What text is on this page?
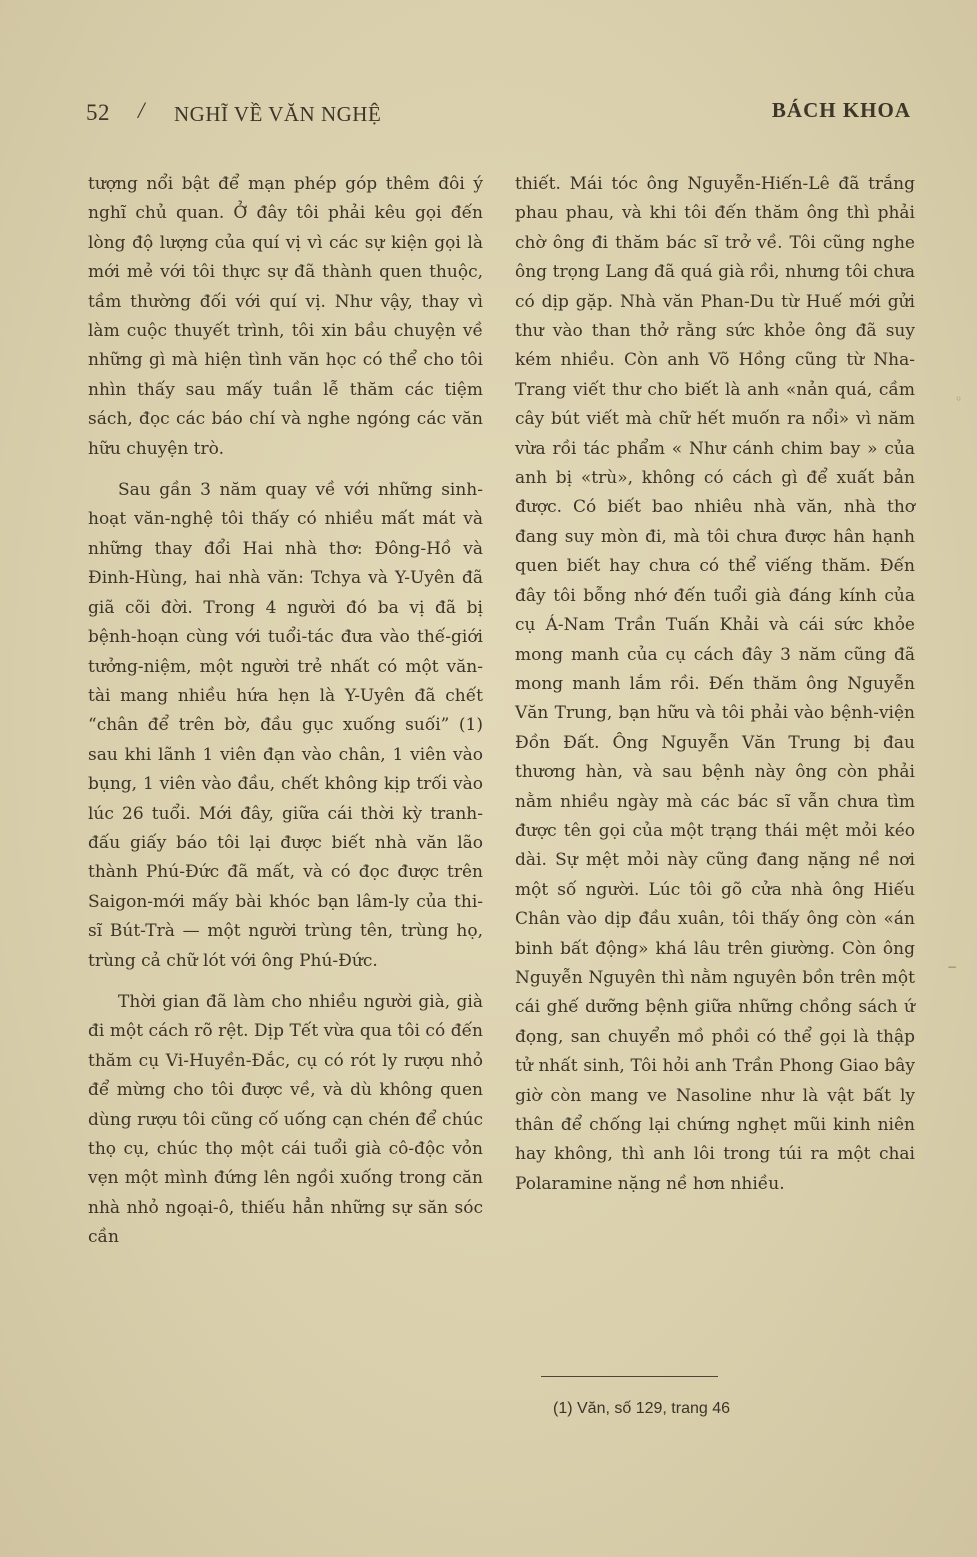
52 / NGHĨ VỀ VĂN NGHỆ	BÁCH KHOA

tượng nổi bật để mạn phép góp thêm đôi ý nghĩ chủ quan. Ở đây tôi phải kêu gọi đến lòng độ lượng của quí vị vì các sự kiện gọi là mới mẻ với tôi thực sự đã thành quen thuộc, tầm thường đối với quí vị. Như vậy, thay vì làm cuộc thuyết trình, tôi xin bầu chuyện về những gì mà hiện tình văn học có thể cho tôi nhìn thấy sau mấy tuần lễ thăm các tiệm sách, đọc các báo chí và nghe ngóng các văn hữu chuyện trò.

Sau gần 3 năm quay về với những sinh-hoạt văn-nghệ tôi thấy có nhiều mất mát và những thay đổi Hai nhà thơ: Đông-Hồ và Đinh-Hùng, hai nhà văn: Tchya và Y-Uyên đã giã cõi đời. Trong 4 người đó ba vị đã bị bệnh-hoạn cùng với tuổi-tác đưa vào thế-giới tưởng-niệm, một người trẻ nhất có một văn-tài mang nhiều hứa hẹn là Y-Uyên đã chết “chân để trên bờ, đầu gục xuống suối” (1) sau khi lãnh 1 viên đạn vào chân, 1 viên vào bụng, 1 viên vào đầu, chết không kịp trối vào lúc 26 tuổi. Mới đây, giữa cái thời kỳ tranh-đấu giấy báo tôi lại được biết nhà văn lão thành Phú-Đức đã mất, và có đọc được trên Saigon-mới mấy bài khóc bạn lâm-ly của thi-sĩ Bút-Trà — một người trùng tên, trùng họ, trùng cả chữ lót với ông Phú-Đức.

Thời gian đã làm cho nhiều người già, già đi một cách rõ rệt. Dịp Tết vừa qua tôi có đến thăm cụ Vi-Huyền-Đắc, cụ có rót ly rượu nhỏ để mừng cho tôi được về, và dù không quen dùng rượu tôi cũng cố uống cạn chén để chúc thọ cụ, chúc thọ một cái tuổi già cô-độc vỏn vẹn một mình đứng lên ngồi xuống trong căn nhà nhỏ ngoại-ô, thiếu hẳn những sự săn sóc cần

thiết. Mái tóc ông Nguyễn-Hiến-Lê đã trắng phau phau, và khi tôi đến thăm ông thì phải chờ ông đi thăm bác sĩ trở về. Tôi cũng nghe ông trọng Lang đã quá già rồi, nhưng tôi chưa có dịp gặp. Nhà văn Phan-Du từ Huế mới gửi thư vào than thở rằng sức khỏe ông đã suy kém nhiều. Còn anh Võ Hồng cũng từ Nha-Trang viết thư cho biết là anh «nản quá, cầm cây bút viết mà chữ hết muốn ra nổi» vì năm vừa rồi tác phẩm « Như cánh chim bay » của anh bị «trù», không có cách gì để xuất bản được. Có biết bao nhiêu nhà văn, nhà thơ đang suy mòn đi, mà tôi chưa được hân hạnh quen biết hay chưa có thể viếng thăm. Đến đây tôi bỗng nhớ đến tuổi già đáng kính của cụ Á-Nam Trần Tuấn Khải và cái sức khỏe mong manh của cụ cách đây 3 năm cũng đã mong manh lắm rồi. Đến thăm ông Nguyễn Văn Trung, bạn hữu và tôi phải vào bệnh-viện Đồn Đất. Ông Nguyễn Văn Trung bị đau thương hàn, và sau bệnh này ông còn phải nằm nhiều ngày mà các bác sĩ vẫn chưa tìm được tên gọi của một trạng thái mệt mỏi kéo dài. Sự mệt mỏi này cũng đang nặng nề nơi một số người. Lúc tôi gõ cửa nhà ông Hiếu Chân vào dịp đầu xuân, tôi thấy ông còn «án binh bất động» khá lâu trên giường. Còn ông Nguyễn Nguyên thì nằm nguyên bồn trên một cái ghế dưỡng bệnh giữa những chồng sách ứ đọng, san chuyển mồ phồi có thể gọi là thập tử nhất sinh, Tôi hỏi anh Trần Phong Giao bây giờ còn mang ve Nasoline như là vật bất ly thân để chống lại chứng nghẹt mũi kinh niên hay không, thì anh lôi trong túi ra một chai Polaramine nặng nề hơn nhiều.

(1) Văn, số 129, trang 46
◦
−
